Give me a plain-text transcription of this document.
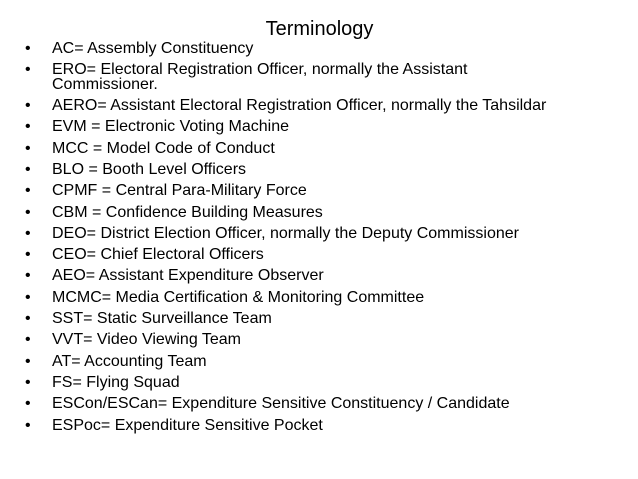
Terminology
• AC= Assembly Constituency
• ERO= Electoral Registration Officer, normally the Assistant Commissioner.
• AERO= Assistant Electoral Registration Officer, normally the Tahsildar
• EVM = Electronic Voting Machine
• MCC = Model Code of Conduct
• BLO = Booth Level Officers
• CPMF = Central Para-Military Force
• CBM = Confidence Building Measures
• DEO= District Election Officer, normally the Deputy Commissioner
• CEO= Chief Electoral Officers
• AEO= Assistant Expenditure Observer
• MCMC= Media Certification & Monitoring Committee
• SST= Static Surveillance Team
• VVT= Video Viewing Team
• AT= Accounting Team
• FS= Flying Squad
• ESCon/ESCan= Expenditure Sensitive Constituency / Candidate
• ESPoc= Expenditure Sensitive Pocket
